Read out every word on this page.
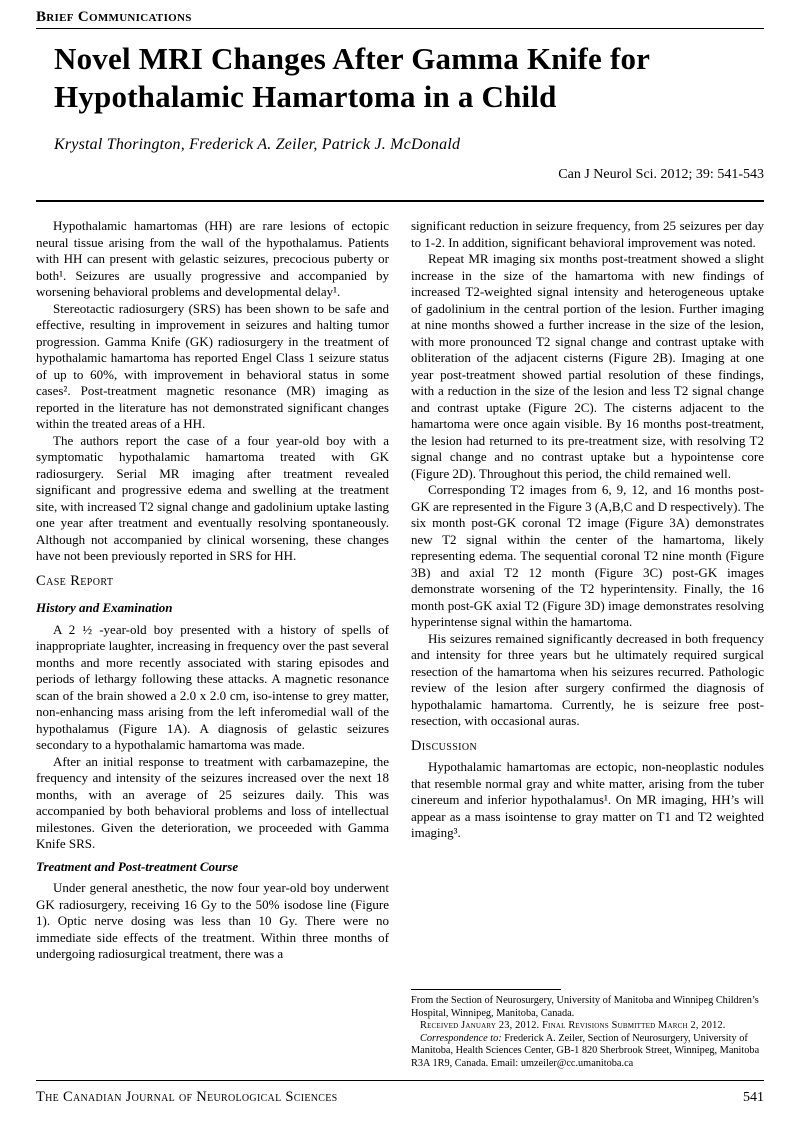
Brief Communications
Novel MRI Changes After Gamma Knife for Hypothalamic Hamartoma in a Child
Krystal Thorington, Frederick A. Zeiler, Patrick J. McDonald
Can J Neurol Sci. 2012; 39: 541-543

Hypothalamic hamartomas (HH) are rare lesions of ectopic neural tissue arising from the wall of the hypothalamus. Patients with HH can present with gelastic seizures, precocious puberty or both¹. Seizures are usually progressive and accompanied by worsening behavioral problems and developmental delay¹.

Stereotactic radiosurgery (SRS) has been shown to be safe and effective, resulting in improvement in seizures and halting tumor progression. Gamma Knife (GK) radiosurgery in the treatment of hypothalamic hamartoma has reported Engel Class 1 seizure status of up to 60%, with improvement in behavioral status in some cases². Post-treatment magnetic resonance (MR) imaging as reported in the literature has not demonstrated significant changes within the treated areas of a HH.

The authors report the case of a four year-old boy with a symptomatic hypothalamic hamartoma treated with GK radiosurgery. Serial MR imaging after treatment revealed significant and progressive edema and swelling at the treatment site, with increased T2 signal change and gadolinium uptake lasting one year after treatment and eventually resolving spontaneously. Although not accompanied by clinical worsening, these changes have not been previously reported in SRS for HH.

Case Report
History and Examination

A 2 ½ -year-old boy presented with a history of spells of inappropriate laughter, increasing in frequency over the past several months and more recently associated with staring episodes and periods of lethargy following these attacks. A magnetic resonance scan of the brain showed a 2.0 x 2.0 cm, iso-intense to grey matter, non-enhancing mass arising from the left inferomedial wall of the hypothalamus (Figure 1A). A diagnosis of gelastic seizures secondary to a hypothalamic hamartoma was made.

After an initial response to treatment with carbamazepine, the frequency and intensity of the seizures increased over the next 18 months, with an average of 25 seizures daily. This was accompanied by both behavioral problems and loss of intellectual milestones. Given the deterioration, we proceeded with Gamma Knife SRS.

Treatment and Post-treatment Course

Under general anesthetic, the now four year-old boy underwent GK radiosurgery, receiving 16 Gy to the 50% isodose line (Figure 1). Optic nerve dosing was less than 10 Gy. There were no immediate side effects of the treatment. Within three months of undergoing radiosurgical treatment, there was a

significant reduction in seizure frequency, from 25 seizures per day to 1-2. In addition, significant behavioral improvement was noted.

Repeat MR imaging six months post-treatment showed a slight increase in the size of the hamartoma with new findings of increased T2-weighted signal intensity and heterogeneous uptake of gadolinium in the central portion of the lesion. Further imaging at nine months showed a further increase in the size of the lesion, with more pronounced T2 signal change and contrast uptake with obliteration of the adjacent cisterns (Figure 2B). Imaging at one year post-treatment showed partial resolution of these findings, with a reduction in the size of the lesion and less T2 signal change and contrast uptake (Figure 2C). The cisterns adjacent to the hamartoma were once again visible. By 16 months post-treatment, the lesion had returned to its pre-treatment size, with resolving T2 signal change and no contrast uptake but a hypointense core (Figure 2D). Throughout this period, the child remained well.

Corresponding T2 images from 6, 9, 12, and 16 months post-GK are represented in the Figure 3 (A,B,C and D respectively). The six month post-GK coronal T2 image (Figure 3A) demonstrates new T2 signal within the center of the hamartoma, likely representing edema. The sequential coronal T2 nine month (Figure 3B) and axial T2 12 month (Figure 3C) post-GK images demonstrate worsening of the T2 hyperintensity. Finally, the 16 month post-GK axial T2 (Figure 3D) image demonstrates resolving hyperintense signal within the hamartoma.

His seizures remained significantly decreased in both frequency and intensity for three years but he ultimately required surgical resection of the hamartoma when his seizures recurred. Pathologic review of the lesion after surgery confirmed the diagnosis of hypothalamic hamartoma. Currently, he is seizure free post-resection, with occasional auras.

Discussion

Hypothalamic hamartomas are ectopic, non-neoplastic nodules that resemble normal gray and white matter, arising from the tuber cinereum and inferior hypothalamus¹. On MR imaging, HH’s will appear as a mass isointense to gray matter on T1 and T2 weighted imaging³.

From the Section of Neurosurgery, University of Manitoba and Winnipeg Children’s Hospital, Winnipeg, Manitoba, Canada.

Received January 23, 2012. Final Revisions Submitted March 2, 2012.

Correspondence to: Frederick A. Zeiler, Section of Neurosurgery, University of Manitoba, Health Sciences Center, GB-1 820 Sherbrook Street, Winnipeg, Manitoba R3A 1R9, Canada. Email: umzeiler@cc.umanitoba.ca

The Canadian Journal of Neurological Sciences	541
